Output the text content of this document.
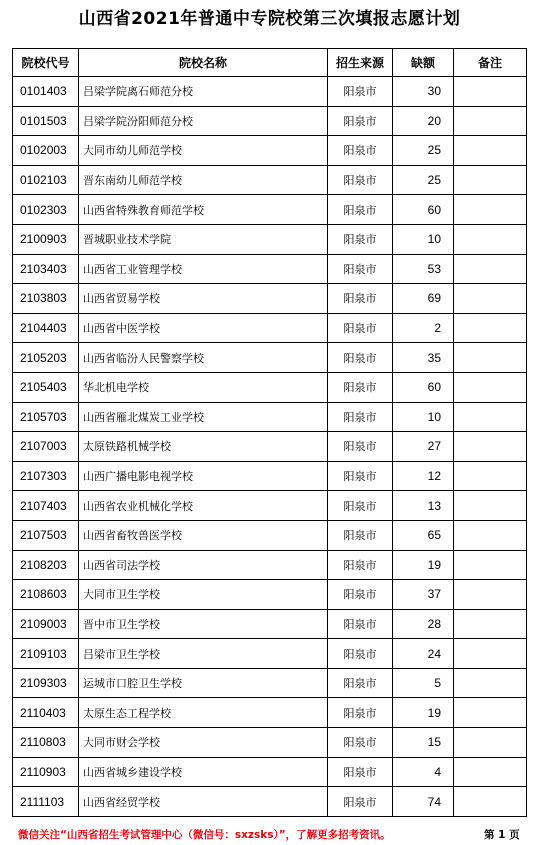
山西省2021年普通中专院校第三次填报志愿计划
院校代号	院校名称	招生来源	缺额	备注
0101403	吕梁学院离石师范分校	阳泉市	30	
0101503	吕梁学院汾阳师范分校	阳泉市	20	
0102003	大同市幼儿师范学校	阳泉市	25	
0102103	晋东南幼儿师范学校	阳泉市	25	
0102303	山西省特殊教育师范学校	阳泉市	60	
2100903	晋城职业技术学院	阳泉市	10	
2103403	山西省工业管理学校	阳泉市	53	
2103803	山西省贸易学校	阳泉市	69	
2104403	山西省中医学校	阳泉市	2	
2105203	山西省临汾人民警察学校	阳泉市	35	
2105403	华北机电学校	阳泉市	60	
2105703	山西省雁北煤炭工业学校	阳泉市	10	
2107003	太原铁路机械学校	阳泉市	27	
2107303	山西广播电影电视学校	阳泉市	12	
2107403	山西省农业机械化学校	阳泉市	13	
2107503	山西省畜牧兽医学校	阳泉市	65	
2108203	山西省司法学校	阳泉市	19	
2108603	大同市卫生学校	阳泉市	37	
2109003	晋中市卫生学校	阳泉市	28	
2109103	吕梁市卫生学校	阳泉市	24	
2109303	运城市口腔卫生学校	阳泉市	5	
2110403	太原生态工程学校	阳泉市	19	
2110803	大同市财会学校	阳泉市	15	
2110903	山西省城乡建设学校	阳泉市	4	
2111103	山西省经贸学校	阳泉市	74	
微信关注“山西省招生考试管理中心（微信号：sxzsks）”，了解更多招考资讯。	第 1 页
